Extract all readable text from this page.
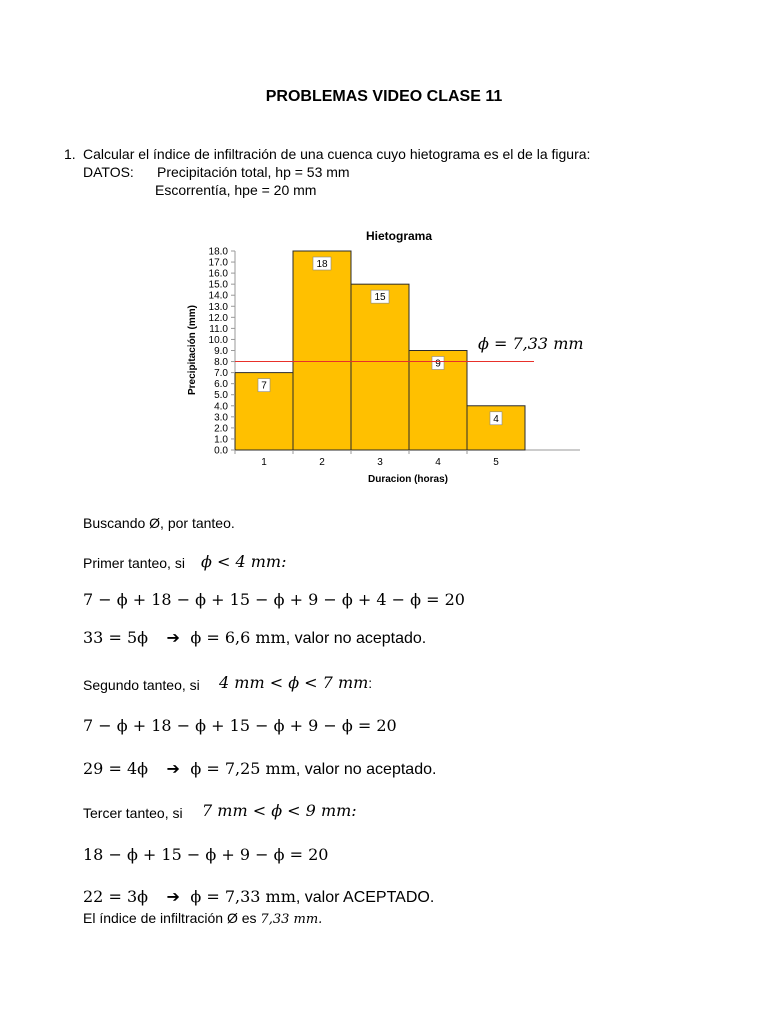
PROBLEMAS VIDEO CLASE 11
1. Calcular el índice de infiltración de una cuenca cuyo hietograma es el de la figura:
DATOS: Precipitación total, hp = 53 mm
Escorrentía, hpe = 20 mm
Hietograma
Precipitación (mm)
Duracion (horas)
0.0
1.0
2.0
3.0
4.0
5.0
6.0
7.0
8.0
9.0
10.0
11.0
12.0
13.0
14.0
15.0
16.0
17.0
18.0
1	2	3	4	5
7
18
15
9
4
ϕ = 7,33 mm
Buscando Ø, por tanteo.
Primer tanteo, si ϕ < 4 mm:
7 − ϕ + 18 − ϕ + 15 − ϕ + 9 − ϕ + 4 − ϕ = 20
33 = 5ϕ ➔ ϕ = 6,6 mm, valor no aceptado.
Segundo tanteo, si 4 mm < ϕ < 7 mm:
7 − ϕ + 18 − ϕ + 15 − ϕ + 9 − ϕ = 20
29 = 4ϕ ➔ ϕ = 7,25 mm, valor no aceptado.
Tercer tanteo, si 7 mm < ϕ < 9 mm:
18 − ϕ + 15 − ϕ + 9 − ϕ = 20
22 = 3ϕ ➔ ϕ = 7,33 mm, valor ACEPTADO.
El índice de infiltración Ø es 7,33 mm.
